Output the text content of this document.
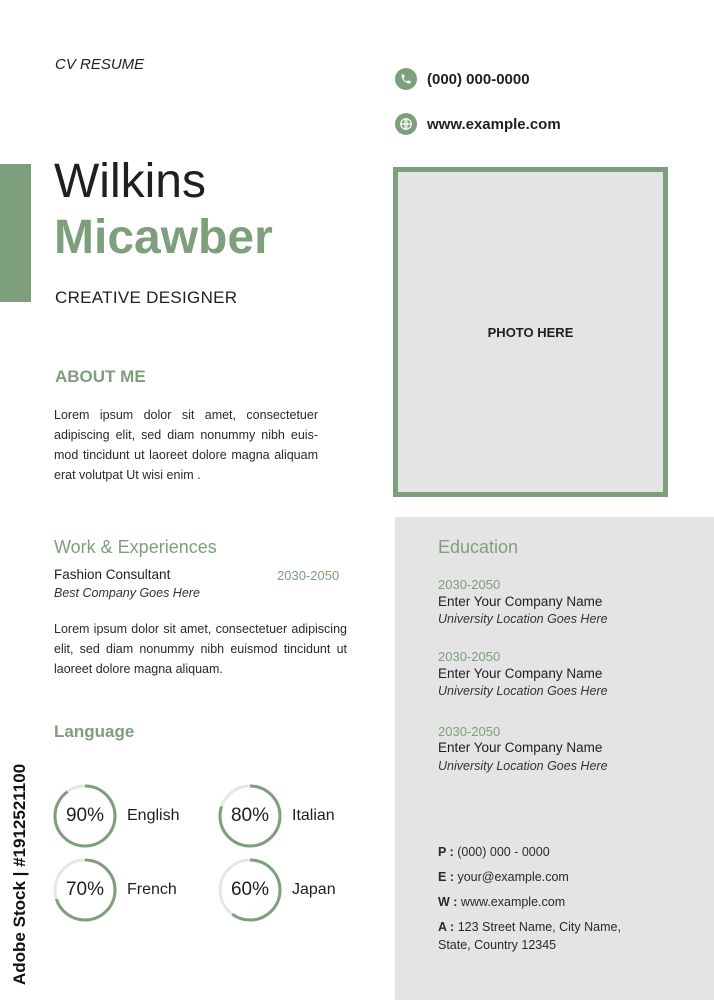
CV RESUME
(000) 000-0000
www.example.com
Wilkins
Micawber
CREATIVE DESIGNER
PHOTO HERE
ABOUT ME
Lorem ipsum dolor sit amet, consectetuer adipiscing elit, sed diam nonummy nibh euis-mod tincidunt ut laoreet dolore magna aliquam erat volutpat Ut wisi enim .
Work & Experiences
Fashion Consultant	2030-2050
Best Company Goes Here
Lorem ipsum dolor sit amet, consectetuer adipiscing elit, sed diam nonummy nibh euismod tincidunt ut laoreet dolore magna aliquam.
Language
90%	English	80%	Italian
70%	French	60%	Japan
Education
2030-2050
Enter Your Company Name
University Location Goes Here
2030-2050
Enter Your Company Name
University Location Goes Here
2030-2050
Enter Your Company Name
University Location Goes Here
P : (000) 000 - 0000
E : your@example.com
W : www.example.com
A : 123 Street Name, City Name,
State, Country 12345
Adobe Stock | #1912521100
